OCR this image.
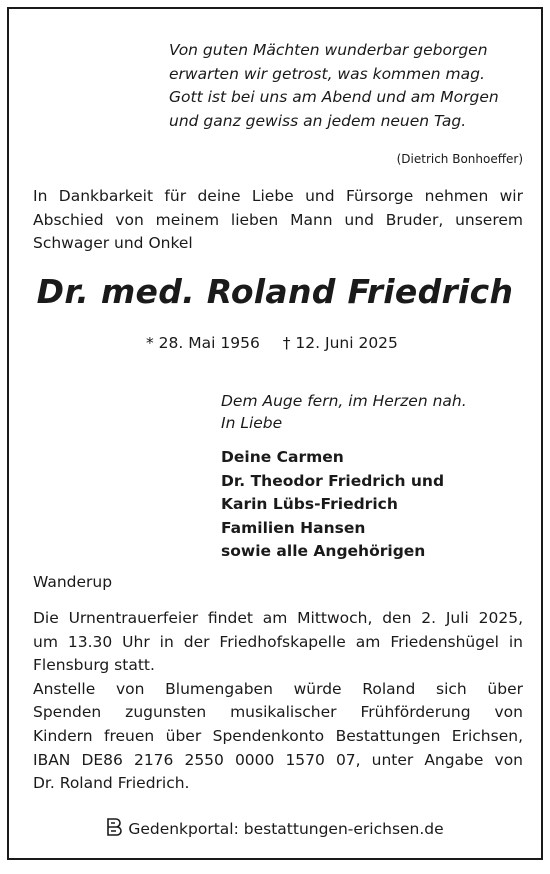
Von guten Mächten wunderbar geborgen
erwarten wir getrost, was kommen mag.
Gott ist bei uns am Abend und am Morgen
und ganz gewiss an jedem neuen Tag.
(Dietrich Bonhoeffer)
In Dankbarkeit für deine Liebe und Fürsorge nehmen wir
Abschied von meinem lieben Mann und Bruder, unserem
Schwager und Onkel
Dr. med. Roland Friedrich
* 28. Mai 1956 † 12. Juni 2025
Dem Auge fern, im Herzen nah.
In Liebe
Deine Carmen
Dr. Theodor Friedrich und
Karin Lübs-Friedrich
Familien Hansen
sowie alle Angehörigen
Wanderup
Die Urnentrauerfeier findet am Mittwoch, den 2. Juli 2025,
um 13.30 Uhr in der Friedhofskapelle am Friedenshügel in
Flensburg statt.
Anstelle von Blumengaben würde Roland sich über
Spenden zugunsten musikalischer Frühförderung von
Kindern freuen über Spendenkonto Bestattungen Erichsen,
IBAN DE86 2176 2550 0000 1570 07, unter Angabe von
Dr. Roland Friedrich.
Gedenkportal: bestattungen-erichsen.de
